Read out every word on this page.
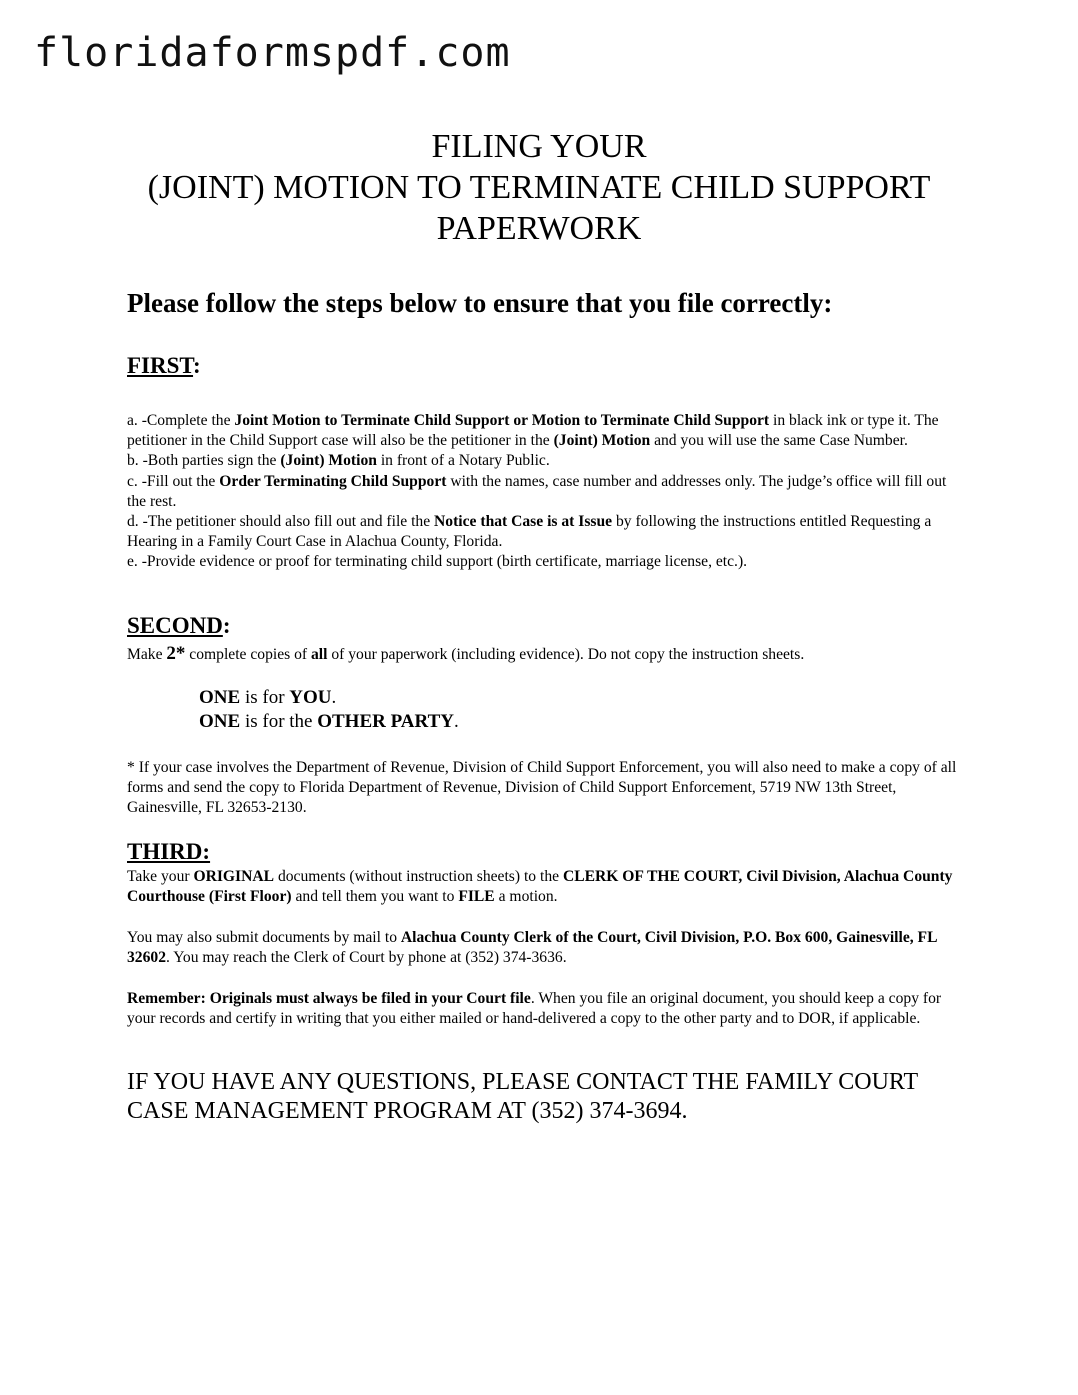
floridaformspdf.com
FILING YOUR
(JOINT) MOTION TO TERMINATE CHILD SUPPORT
PAPERWORK
Please follow the steps below to ensure that you file correctly:
FIRST:

a. -Complete the Joint Motion to Terminate Child Support or Motion to Terminate Child Support in black ink or type it. The petitioner in the Child Support case will also be the petitioner in the (Joint) Motion and you will use the same Case Number.

b. -Both parties sign the (Joint) Motion in front of a Notary Public.

c. -Fill out the Order Terminating Child Support with the names, case number and addresses only. The judge’s office will fill out the rest.

d. -The petitioner should also fill out and file the Notice that Case is at Issue by following the instructions entitled Requesting a Hearing in a Family Court Case in Alachua County, Florida.

e. -Provide evidence or proof for terminating child support (birth certificate, marriage license, etc.).

SECOND:

Make 2* complete copies of all of your paperwork (including evidence). Do not copy the instruction sheets.

ONE is for YOU.
ONE is for the OTHER PARTY.

* If your case involves the Department of Revenue, Division of Child Support Enforcement, you will also need to make a copy of all forms and send the copy to Florida Department of Revenue, Division of Child Support Enforcement, 5719 NW 13th Street, Gainesville, FL 32653-2130.

THIRD:

Take your ORIGINAL documents (without instruction sheets) to the CLERK OF THE COURT, Civil Division, Alachua County Courthouse (First Floor) and tell them you want to FILE a motion.

You may also submit documents by mail to Alachua County Clerk of the Court, Civil Division, P.O. Box 600, Gainesville, FL 32602. You may reach the Clerk of Court by phone at (352) 374-3636.

Remember: Originals must always be filed in your Court file. When you file an original document, you should keep a copy for your records and certify in writing that you either mailed or hand-delivered a copy to the other party and to DOR, if applicable.

IF YOU HAVE ANY QUESTIONS, PLEASE CONTACT THE FAMILY COURT CASE MANAGEMENT PROGRAM AT (352) 374-3694.
